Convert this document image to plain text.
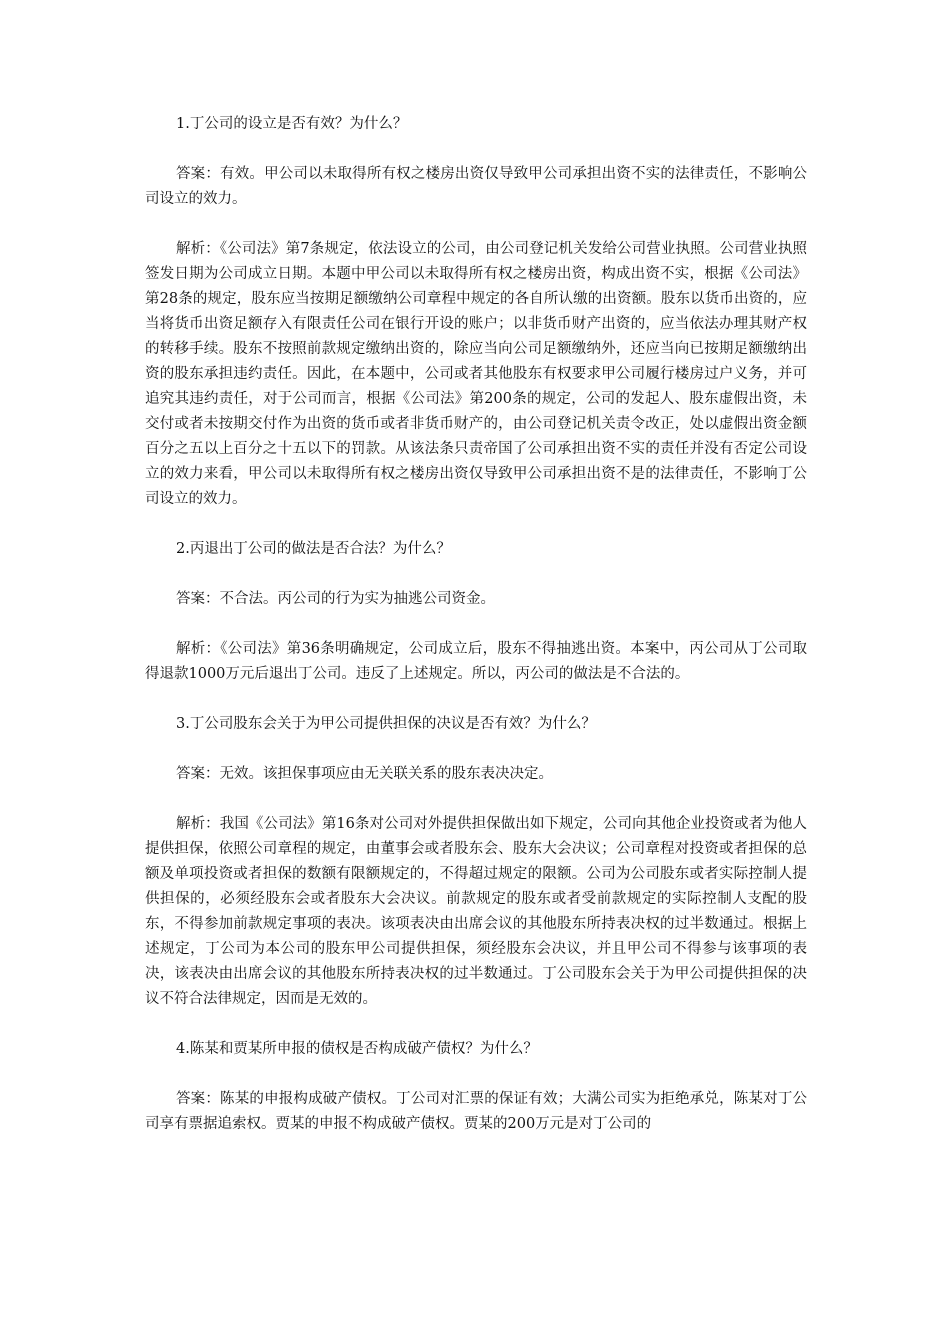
1.丁公司的设立是否有效？为什么？

答案：有效。甲公司以未取得所有权之楼房出资仅导致甲公司承担出资不实的法律责任，不影响公司设立的效力。

解析：《公司法》第7条规定，依法设立的公司，由公司登记机关发给公司营业执照。公司营业执照签发日期为公司成立日期。本题中甲公司以未取得所有权之楼房出资，构成出资不实，根据《公司法》第28条的规定，股东应当按期足额缴纳公司章程中规定的各自所认缴的出资额。股东以货币出资的，应当将货币出资足额存入有限责任公司在银行开设的账户；以非货币财产出资的，应当依法办理其财产权的转移手续。股东不按照前款规定缴纳出资的，除应当向公司足额缴纳外，还应当向已按期足额缴纳出资的股东承担违约责任。因此，在本题中，公司或者其他股东有权要求甲公司履行楼房过户义务，并可追究其违约责任，对于公司而言，根据《公司法》第200条的规定，公司的发起人、股东虚假出资，未交付或者未按期交付作为出资的货币或者非货币财产的，由公司登记机关责令改正，处以虚假出资金额百分之五以上百分之十五以下的罚款。从该法条只责帝国了公司承担出资不实的责任并没有否定公司设立的效力来看，甲公司以未取得所有权之楼房出资仅导致甲公司承担出资不是的法律责任，不影响丁公司设立的效力。

2.丙退出丁公司的做法是否合法？为什么？

答案：不合法。丙公司的行为实为抽逃公司资金。

解析：《公司法》第36条明确规定，公司成立后，股东不得抽逃出资。本案中，丙公司从丁公司取得退款1000万元后退出丁公司。违反了上述规定。所以，丙公司的做法是不合法的。

3.丁公司股东会关于为甲公司提供担保的决议是否有效？为什么？

答案：无效。该担保事项应由无关联关系的股东表决决定。

解析：我国《公司法》第16条对公司对外提供担保做出如下规定，公司向其他企业投资或者为他人提供担保，依照公司章程的规定，由董事会或者股东会、股东大会决议；公司章程对投资或者担保的总额及单项投资或者担保的数额有限额规定的，不得超过规定的限额。公司为公司股东或者实际控制人提供担保的，必须经股东会或者股东大会决议。前款规定的股东或者受前款规定的实际控制人支配的股东，不得参加前款规定事项的表决。该项表决由出席会议的其他股东所持表决权的过半数通过。根据上述规定，丁公司为本公司的股东甲公司提供担保，须经股东会决议，并且甲公司不得参与该事项的表决，该表决由出席会议的其他股东所持表决权的过半数通过。丁公司股东会关于为甲公司提供担保的决议不符合法律规定，因而是无效的。

4.陈某和贾某所申报的债权是否构成破产债权？为什么？

答案：陈某的申报构成破产债权。丁公司对汇票的保证有效；大满公司实为拒绝承兑，陈某对丁公司享有票据追索权。贾某的申报不构成破产债权。贾某的200万元是对丁公司的
